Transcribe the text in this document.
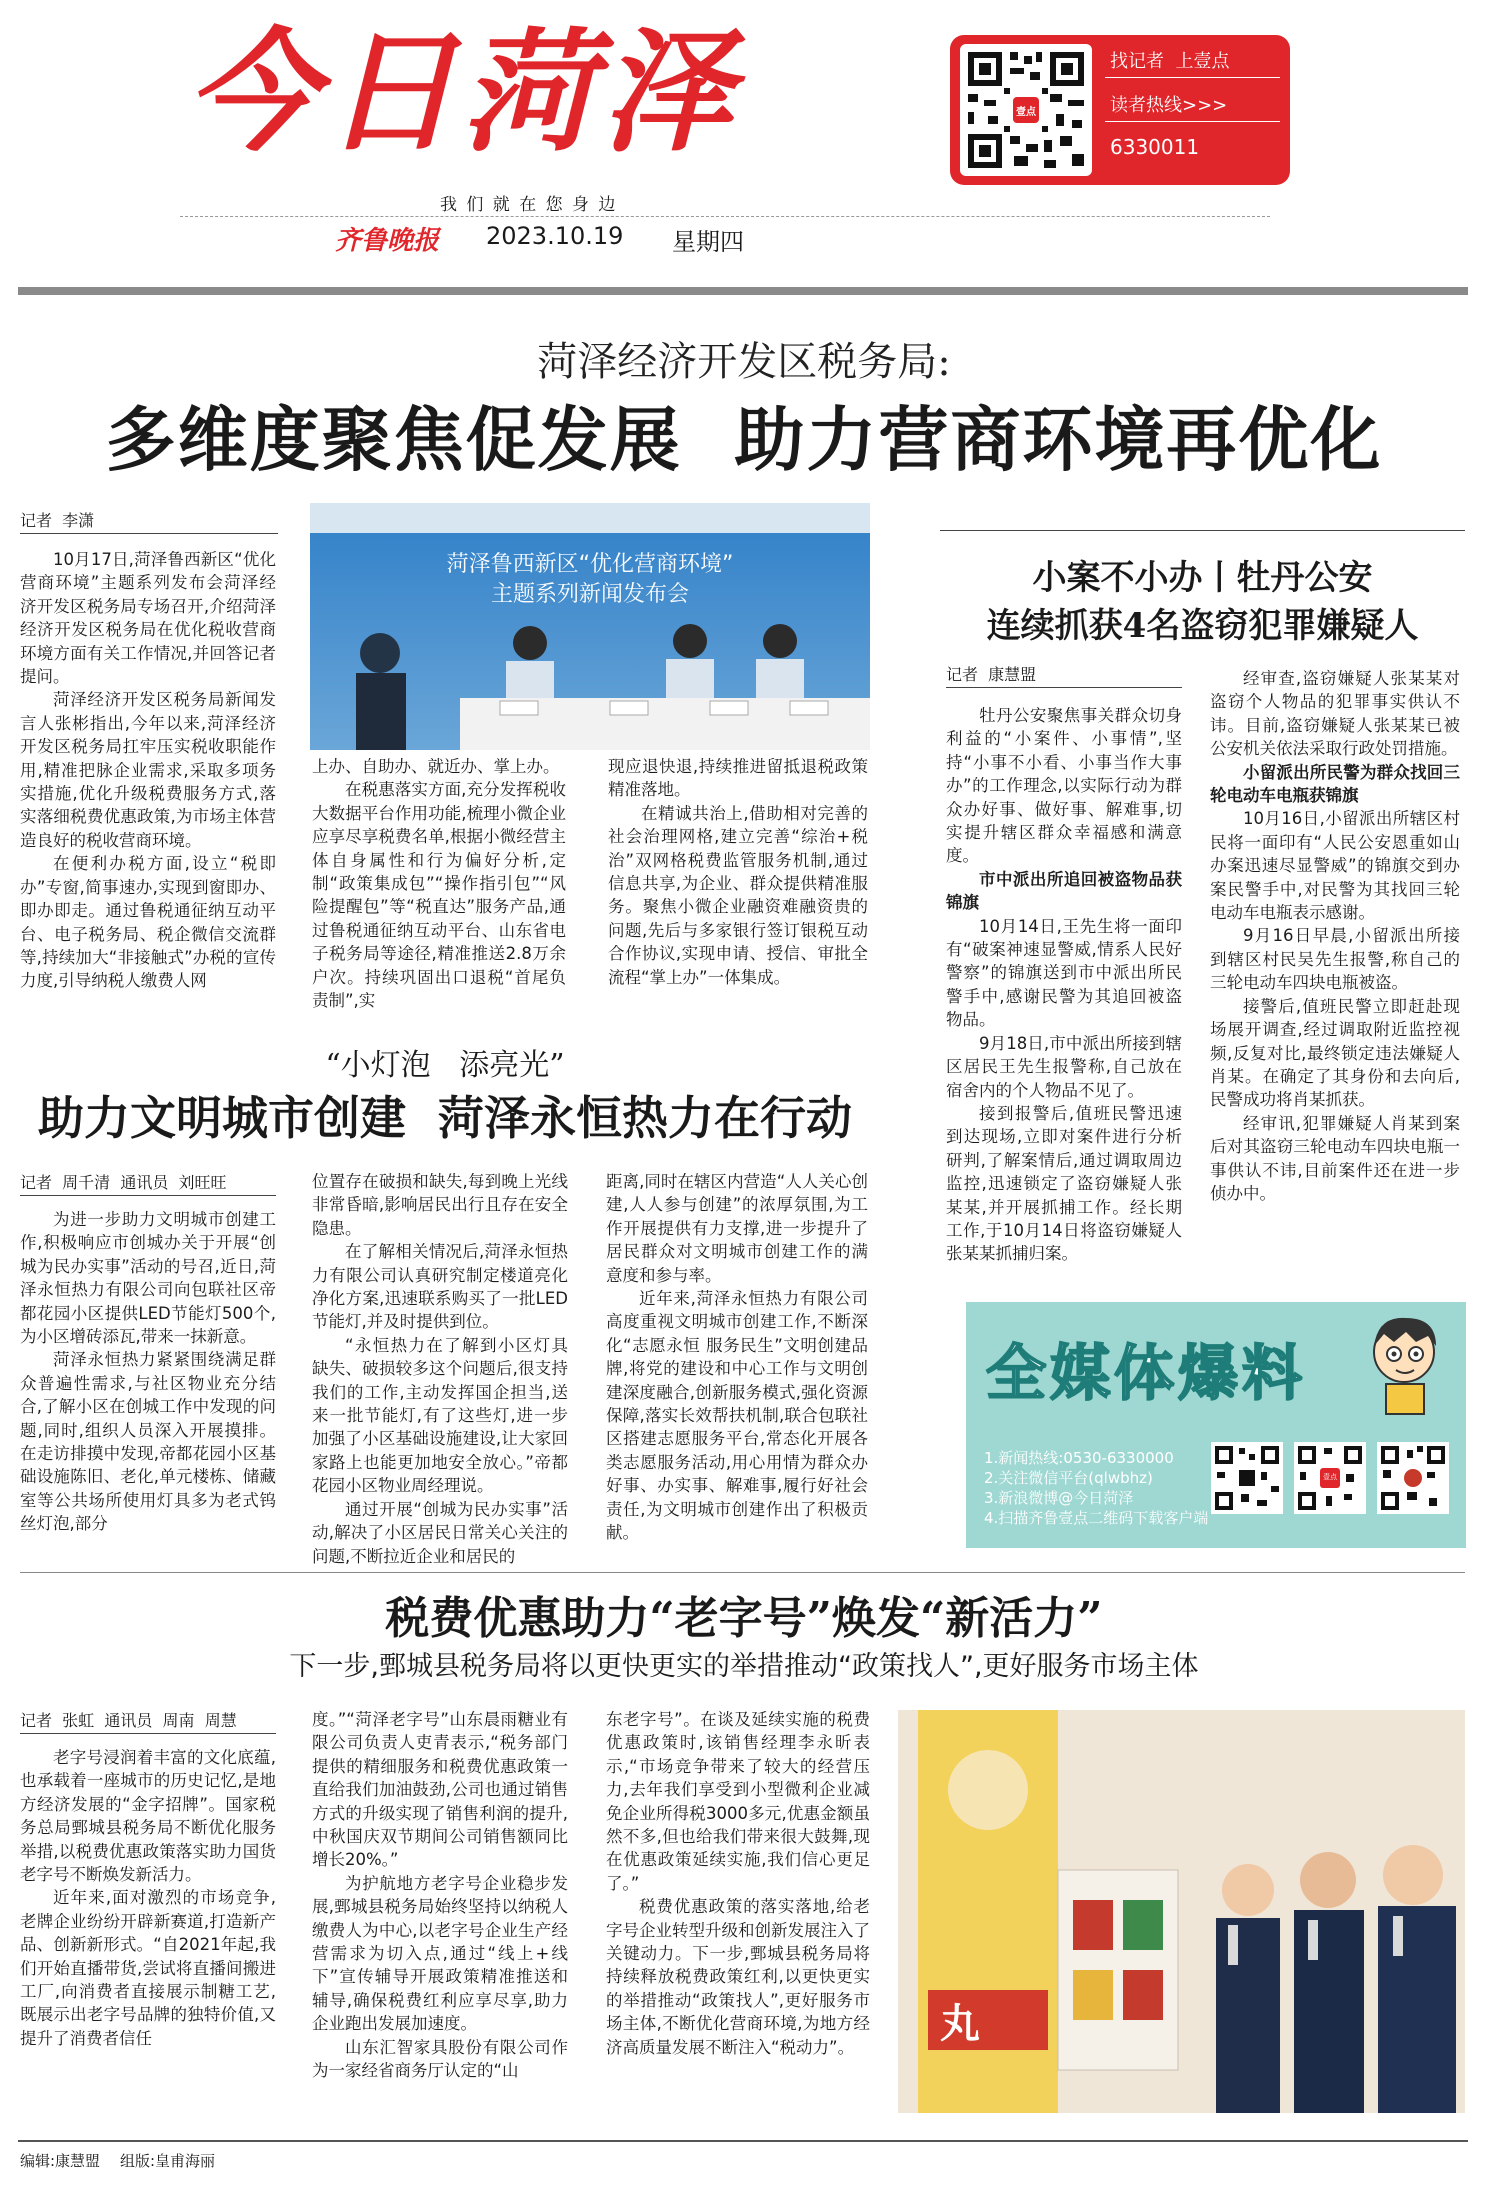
今日菏泽	壹点
找记者  上壹点
读者热线>>>
6330011
我 们 就 在 您 身 边
齐鲁晚报 2023.10.19 星期四
菏泽经济开发区税务局:
多维度聚焦促发展  助力营商环境再优化
记者  李潇
菏泽鲁西新区“优化营商环境”
主题系列新闻发布会
10月17日,菏泽鲁西新区“优化营商环境”主题系列发布会菏泽经济开发区税务局专场召开,介绍菏泽经济开发区税务局在优化税收营商环境方面有关工作情况,并回答记者提问。
菏泽经济开发区税务局新闻发言人张彬指出,今年以来,菏泽经济开发区税务局扛牢压实税收职能作用,精准把脉企业需求,采取多项务实措施,优化升级税费服务方式,落实落细税费优惠政策,为市场主体营造良好的税收营商环境。
在便利办税方面,设立“税即办”专窗,简事速办,实现到窗即办、即办即走。通过鲁税通征纳互动平台、电子税务局、税企微信交流群等,持续加大“非接触式”办税的宣传力度,引导纳税人缴费人网
上办、自助办、就近办、掌上办。
在税惠落实方面,充分发挥税收大数据平台作用功能,梳理小微企业应享尽享税费名单,根据小微经营主体自身属性和行为偏好分析,定制“政策集成包”“操作指引包”“风险提醒包”等“税直达”服务产品,通过鲁税通征纳互动平台、山东省电子税务局等途径,精准推送2.8万余户次。持续巩固出口退税“首尾负责制”,实
现应退快退,持续推进留抵退税政策精准落地。
在精诚共治上,借助相对完善的社会治理网格,建立完善“综治+税治”双网格税费监管服务机制,通过信息共享,为企业、群众提供精准服务。聚焦小微企业融资难融资贵的问题,先后与多家银行签订银税互动合作协议,实现申请、授信、审批全流程“掌上办”一体集成。
小案不小办丨牡丹公安
连续抓获4名盗窃犯罪嫌疑人
记者  康慧盟
牡丹公安聚焦事关群众切身利益的“小案件、小事情”,坚持“小事不小看、小事当作大事办”的工作理念,以实际行动为群众办好事、做好事、解难事,切实提升辖区群众幸福感和满意度。
市中派出所追回被盗物品获锦旗
10月14日,王先生将一面印有“破案神速显警威,情系人民好警察”的锦旗送到市中派出所民警手中,感谢民警为其追回被盗物品。
9月18日,市中派出所接到辖区居民王先生报警称,自己放在宿舍内的个人物品不见了。
接到报警后,值班民警迅速到达现场,立即对案件进行分析研判,了解案情后,通过调取周边监控,迅速锁定了盗窃嫌疑人张某某,并开展抓捕工作。经长期工作,于10月14日将盗窃嫌疑人张某某抓捕归案。
经审查,盗窃嫌疑人张某某对盗窃个人物品的犯罪事实供认不讳。目前,盗窃嫌疑人张某某已被公安机关依法采取行政处罚措施。
小留派出所民警为群众找回三轮电动车电瓶获锦旗
10月16日,小留派出所辖区村民将一面印有“人民公安恩重如山 办案迅速尽显警威”的锦旗交到办案民警手中,对民警为其找回三轮电动车电瓶表示感谢。
9月16日早晨,小留派出所接到辖区村民吴先生报警,称自己的三轮电动车四块电瓶被盗。
接警后,值班民警立即赶赴现场展开调查,经过调取附近监控视频,反复对比,最终锁定违法嫌疑人肖某。在确定了其身份和去向后,民警成功将肖某抓获。
经审讯,犯罪嫌疑人肖某到案后对其盗窃三轮电动车四块电瓶一事供认不讳,目前案件还在进一步侦办中。
“小灯泡   添亮光”
助力文明城市创建  菏泽永恒热力在行动
记者  周千清  通讯员  刘旺旺
为进一步助力文明城市创建工作,积极响应市创城办关于开展“创城为民办实事”活动的号召,近日,菏泽永恒热力有限公司向包联社区帝都花园小区提供LED节能灯500个,为小区增砖添瓦,带来一抹新意。
菏泽永恒热力紧紧围绕满足群众普遍性需求,与社区物业充分结合,了解小区在创城工作中发现的问题,同时,组织人员深入开展摸排。在走访排摸中发现,帝都花园小区基础设施陈旧、老化,单元楼栋、储藏室等公共场所使用灯具多为老式钨丝灯泡,部分
位置存在破损和缺失,每到晚上光线非常昏暗,影响居民出行且存在安全隐患。
在了解相关情况后,菏泽永恒热力有限公司认真研究制定楼道亮化净化方案,迅速联系购买了一批LED节能灯,并及时提供到位。
“永恒热力在了解到小区灯具缺失、破损较多这个问题后,很支持我们的工作,主动发挥国企担当,送来一批节能灯,有了这些灯,进一步加强了小区基础设施建设,让大家回家路上也能更加地安全放心。”帝都花园小区物业周经理说。
通过开展“创城为民办实事”活动,解决了小区居民日常关心关注的问题,不断拉近企业和居民的
距离,同时在辖区内营造“人人关心创建,人人参与创建”的浓厚氛围,为工作开展提供有力支撑,进一步提升了居民群众对文明城市创建工作的满意度和参与率。
近年来,菏泽永恒热力有限公司高度重视文明城市创建工作,不断深化“志愿永恒 服务民生”文明创建品牌,将党的建设和中心工作与文明创建深度融合,创新服务模式,强化资源保障,落实长效帮扶机制,联合包联社区搭建志愿服务平台,常态化开展各类志愿服务活动,用心用情为群众办好事、办实事、解难事,履行好社会责任,为文明城市创建作出了积极贡献。
全媒体爆料
1.新闻热线:0530-6330000
2.关注微信平台(qlwbhz)
3.新浪微博@今日菏泽
4.扫描齐鲁壹点二维码下载客户端
壹点
税费优惠助力“老字号”焕发“新活力”
下一步,鄄城县税务局将以更快更实的举措推动“政策找人”,更好服务市场主体
记者  张虹  通讯员  周南  周慧
老字号浸润着丰富的文化底蕴,也承载着一座城市的历史记忆,是地方经济发展的“金字招牌”。国家税务总局鄄城县税务局不断优化服务举措,以税费优惠政策落实助力国货老字号不断焕发新活力。
近年来,面对激烈的市场竞争,老牌企业纷纷开辟新赛道,打造新产品、创新新形式。“自2021年起,我们开始直播带货,尝试将直播间搬进工厂,向消费者直接展示制糖工艺,既展示出老字号品牌的独特价值,又提升了消费者信任
度。”“菏泽老字号”山东晨雨糖业有限公司负责人吏青表示,“税务部门提供的精细服务和税费优惠政策一直给我们加油鼓劲,公司也通过销售方式的升级实现了销售利润的提升,中秋国庆双节期间公司销售额同比增长20%。”
为护航地方老字号企业稳步发展,鄄城县税务局始终坚持以纳税人缴费人为中心,以老字号企业生产经营需求为切入点,通过“线上+线下”宣传辅导开展政策精准推送和辅导,确保税费红利应享尽享,助力企业跑出发展加速度。
山东汇智家具股份有限公司作为一家经省商务厅认定的“山
东老字号”。在谈及延续实施的税费优惠政策时,该销售经理李永昕表示,“市场竞争带来了较大的经营压力,去年我们享受到小型微利企业减免企业所得税3000多元,优惠金额虽然不多,但也给我们带来很大鼓舞,现在优惠政策延续实施,我们信心更足了。”
税费优惠政策的落实落地,给老字号企业转型升级和创新发展注入了关键动力。下一步,鄄城县税务局将持续释放税费政策红利,以更快更实的举措推动“政策找人”,更好服务市场主体,不断优化营商环境,为地方经济高质量发展不断注入“税动力”。
丸
编辑:康慧盟 组版:皇甫海丽
